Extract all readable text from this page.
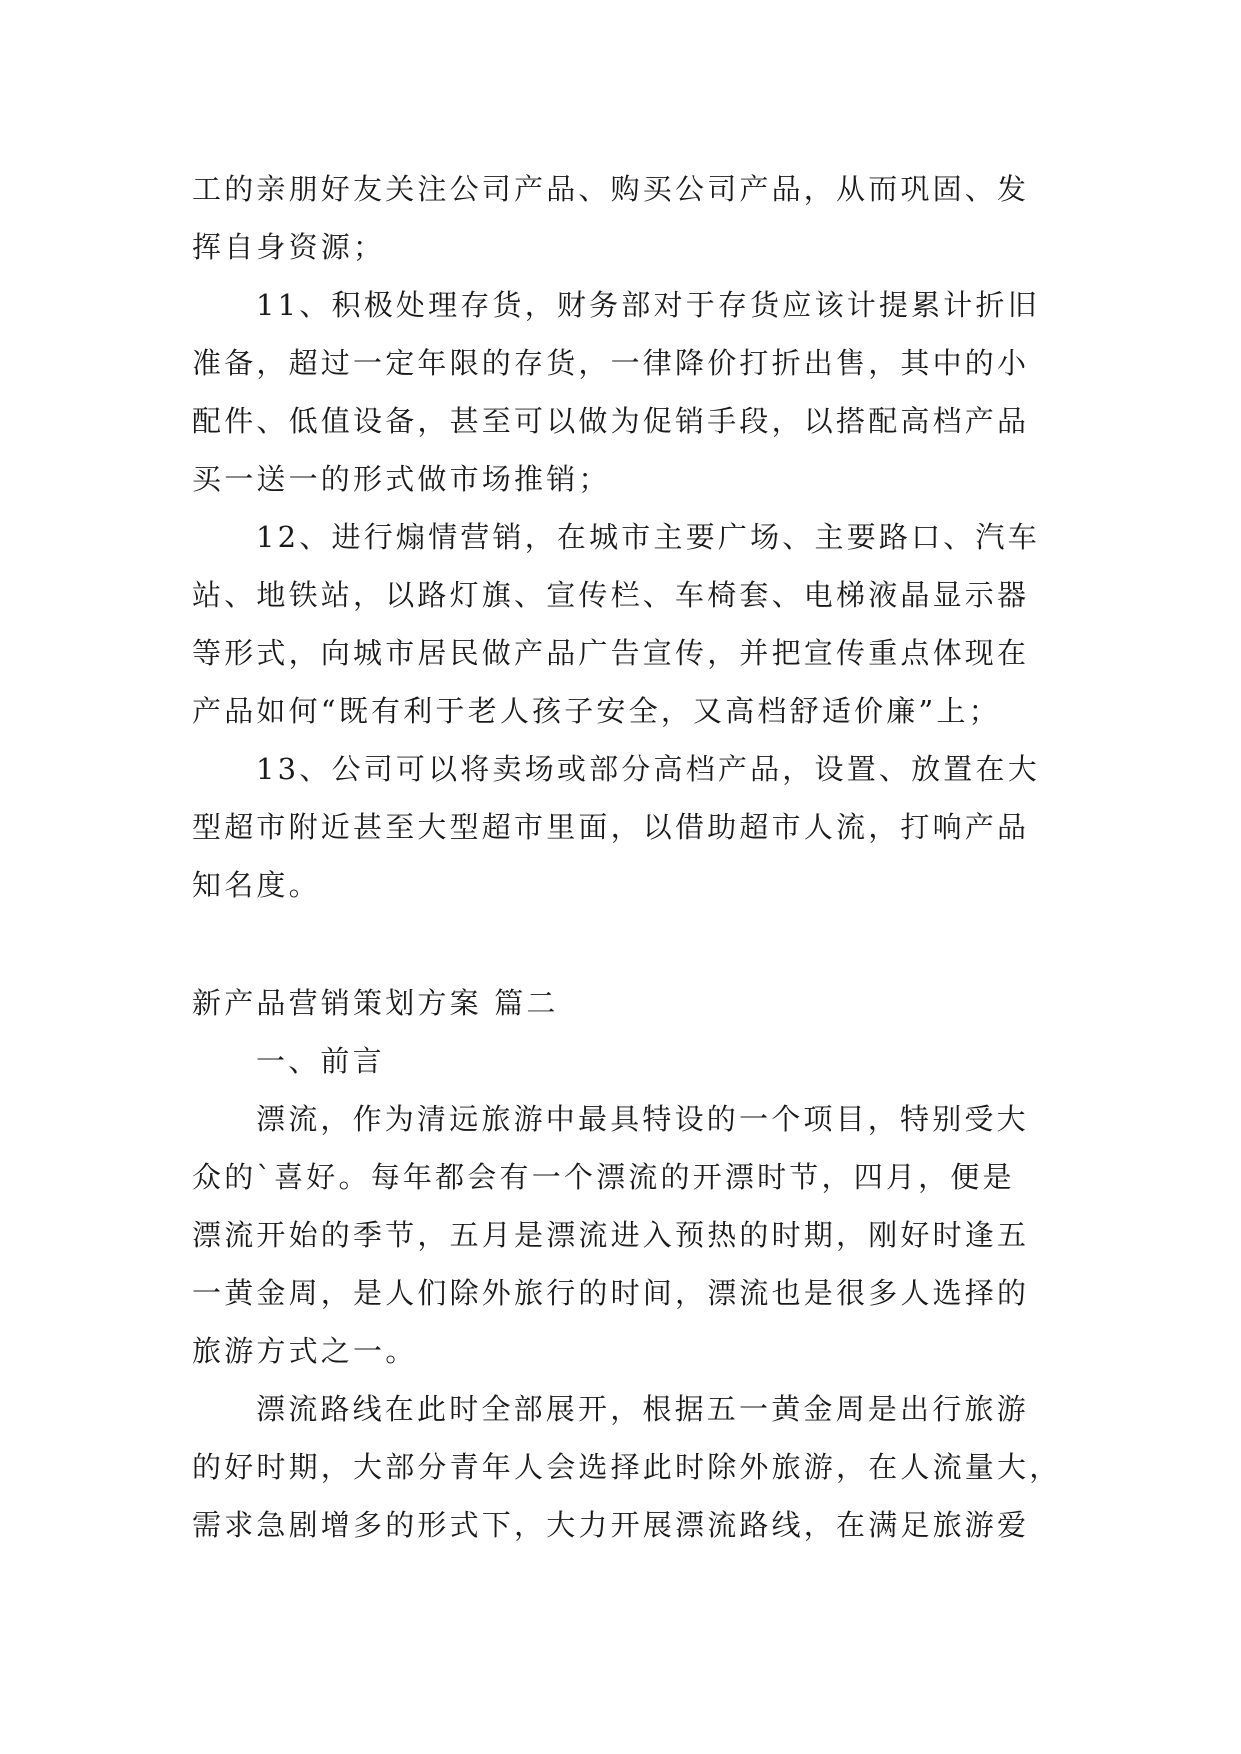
工的亲朋好友关注公司产品、购买公司产品，从而巩固、发
挥自身资源；
11、积极处理存货，财务部对于存货应该计提累计折旧
准备，超过一定年限的存货，一律降价打折出售，其中的小
配件、低值设备，甚至可以做为促销手段，以搭配高档产品
买一送一的形式做市场推销；
12、进行煽情营销，在城市主要广场、主要路口、汽车
站、地铁站，以路灯旗、宣传栏、车椅套、电梯液晶显示器
等形式，向城市居民做产品广告宣传，并把宣传重点体现在
产品如何“既有利于老人孩子安全，又高档舒适价廉”上；
13、公司可以将卖场或部分高档产品，设置、放置在大
型超市附近甚至大型超市里面，以借助超市人流，打响产品
知名度。
新产品营销策划方案 篇二
一、前言
漂流，作为清远旅游中最具特设的一个项目，特别受大
众的`喜好。每年都会有一个漂流的开漂时节，四月，便是
漂流开始的季节，五月是漂流进入预热的时期，刚好时逢五
一黄金周，是人们除外旅行的时间，漂流也是很多人选择的
旅游方式之一。
漂流路线在此时全部展开，根据五一黄金周是出行旅游
的好时期，大部分青年人会选择此时除外旅游，在人流量大，
需求急剧增多的形式下，大力开展漂流路线，在满足旅游爱
